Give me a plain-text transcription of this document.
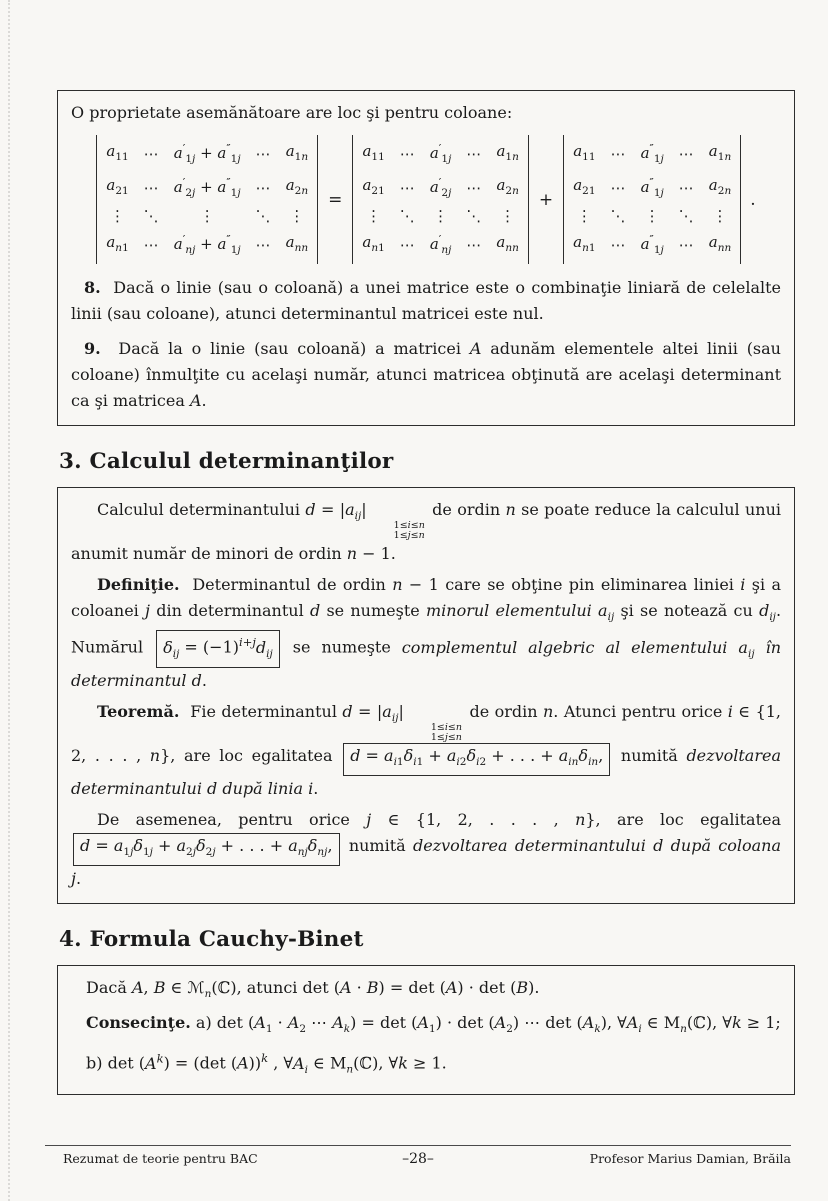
O proprietate asemănătoare are loc şi pentru coloane:

$a_{11}$ ⋯ $a'_{1j} + a''_{1j}$ ⋯ $a_{1n}$
$a_{21}$ ⋯ $a'_{2j} + a''_{1j}$ ⋯ $a_{2n}$
⋮ ⋱	⋮	⋱ ⋮
$a_{n1}$ ⋯ $a'_{nj} + a''_{1j}$ ⋯ $a_{nn}$
=
$a_{11}$ ⋯ $a'_{1j}$ ⋯ $a_{1n}$
$a_{21}$ ⋯ $a'_{2j}$ ⋯ $a_{2n}$
⋮ ⋱ ⋮ ⋱ ⋮
$a_{n1}$ ⋯ $a'_{nj}$ ⋯ $a_{nn}$
+
$a_{11}$ ⋯ $a''_{1j}$ ⋯ $a_{1n}$
$a_{21}$ ⋯ $a''_{1j}$ ⋯ $a_{2n}$
⋮ ⋱ ⋮ ⋱ ⋮
$a_{n1}$ ⋯ $a''_{1j}$ ⋯ $a_{nn}$
.

8.  Dacă o linie (sau o coloană) a unei matrice este o combinaţie liniară de celelalte linii (sau coloane), atunci determinantul matricei este nul.

9.  Dacă la o linie (sau coloană) a matricei A adunăm elementele altei linii (sau coloane) înmulţite cu acelaşi număr, atunci matricea obţinută are acelaşi determinant ca şi matricea A.

3. Calculul determinanţilor

Calculul determinantului $d = |a_{ij}|$
1≤i≤n
1≤j≤n
de ordin n se poate reduce la calculul unui anumit număr de minori de ordin n − 1.

Definiţie.  Determinantul de ordin n − 1 care se obţine pin eliminarea liniei i şi a coloanei j din determinantul d se numeşte minorul elementului $a_{ij}$ şi se notează cu $d_{ij}$. Numărul $\delta_{ij} = (-1)^{i+j}d_{ij}$ se numeşte complementul algebric al elementului $a_{ij}$ în determinantul d.

Teoremă.  Fie determinantul $d = |a_{ij}|$
1≤i≤n
1≤j≤n
de ordin n. Atunci pentru orice i ∈ {1, 2, . . . , n}, are loc egalitatea $d = a_{i1}\delta_{i1} + a_{i2}\delta_{i2}$ + . . . + $a_{in}\delta_{in}$, numită dezvoltarea determinantului d după linia i.

De asemenea, pentru orice j ∈ {1, 2, . . . , n}, are loc egalitatea $d = a_{1j}\delta_{1j} + a_{2j}\delta_{2j}$ + . . . + $a_{nj}\delta_{nj}$, numită dezvoltarea determinantului d după coloana j.

4. Formula Cauchy-Binet

Dacă A, B ∈ ℳ$_n$(ℂ), atunci det (A · B) = det (A) · det (B).

Consecinţe. a) $\det (A_1 \cdot A_2$ ⋯ $A_k) = \det (A_1) \cdot \det (A_2)$ ⋯ $\det (A_k)$, $\forall A_i$ ∈ $M_n(ℂ)$, ∀k ≥ 1;

b) $\det (A^k) = (\det$ (A))$^k$ , $\forall A_i$ ∈ $M_n(ℂ)$, ∀k ≥ 1.

Rezumat de teorie pentru BAC	–28–	Profesor Marius Damian, Brăila
